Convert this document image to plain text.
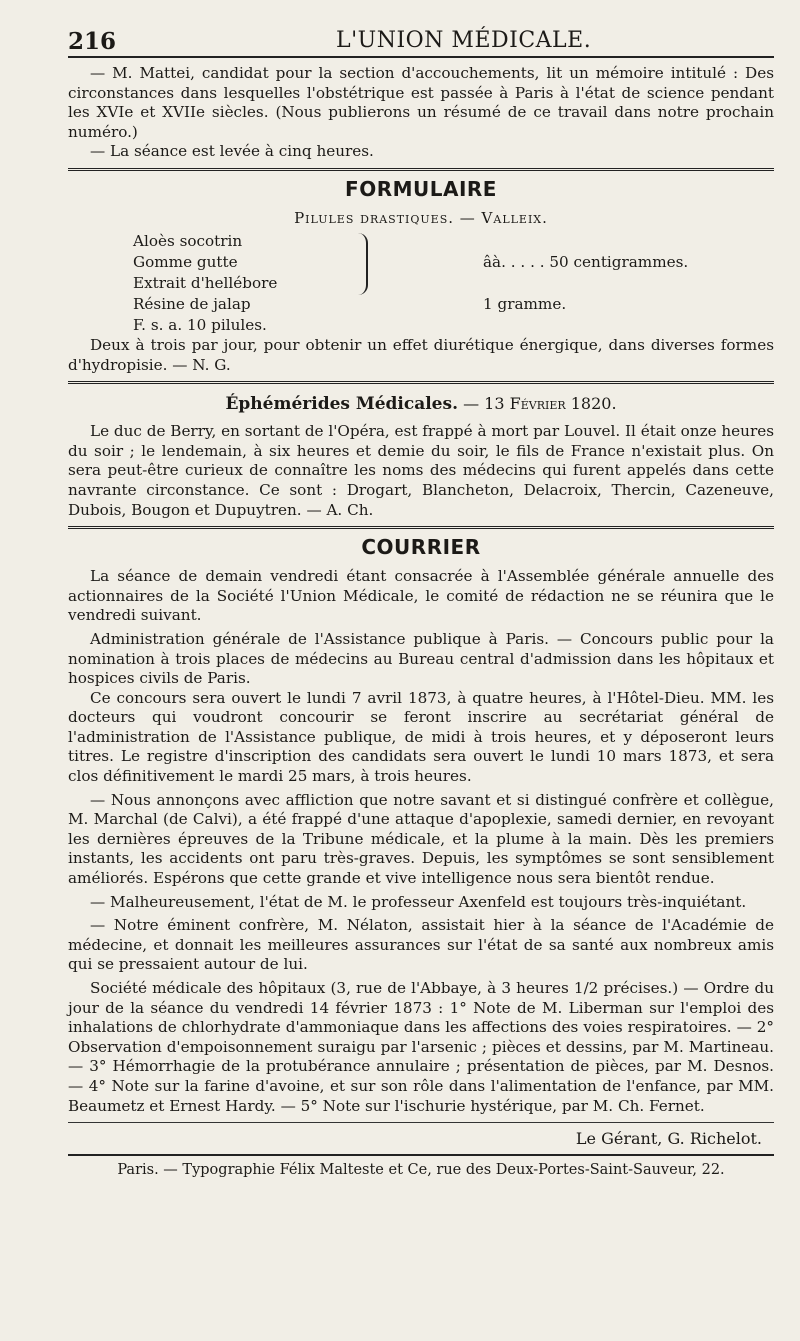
216	L'UNION MÉDICALE.

— M. Mattei, candidat pour la section d'accouchements, lit un mémoire intitulé : Des circonstances dans lesquelles l'obstétrique est passée à Paris à l'état de science pendant les XVIe et XVIIe siècles. (Nous publierons un résumé de ce travail dans notre prochain numéro.)

— La séance est levée à cinq heures.

FORMULAIRE
Pilules drastiques. — Valleix.
Aloès socotrin
Gomme gutte	âà. . . . . 50 centigrammes.
Extrait d'hellébore
Résine de jalap	1 gramme.
F. s. a. 10 pilules.

Deux à trois par jour, pour obtenir un effet diurétique énergique, dans diverses formes d'hydropisie. — N. G.

Éphémérides Médicales. — 13 Février 1820.

Le duc de Berry, en sortant de l'Opéra, est frappé à mort par Louvel. Il était onze heures du soir ; le lendemain, à six heures et demie du soir, le fils de France n'existait plus. On sera peut-être curieux de connaître les noms des médecins qui furent appelés dans cette navrante circonstance. Ce sont : Drogart, Blancheton, Delacroix, Thercin, Cazeneuve, Dubois, Bougon et Dupuytren. — A. Ch.

COURRIER

La séance de demain vendredi étant consacrée à l'Assemblée générale annuelle des actionnaires de la Société l'Union Médicale, le comité de rédaction ne se réunira que le vendredi suivant.

Administration générale de l'Assistance publique à Paris. — Concours public pour la nomination à trois places de médecins au Bureau central d'admission dans les hôpitaux et hospices civils de Paris.

Ce concours sera ouvert le lundi 7 avril 1873, à quatre heures, à l'Hôtel-Dieu. MM. les docteurs qui voudront concourir se feront inscrire au secrétariat général de l'administration de l'Assistance publique, de midi à trois heures, et y déposeront leurs titres. Le registre d'inscription des candidats sera ouvert le lundi 10 mars 1873, et sera clos définitivement le mardi 25 mars, à trois heures.

— Nous annonçons avec affliction que notre savant et si distingué confrère et collègue, M. Marchal (de Calvi), a été frappé d'une attaque d'apoplexie, samedi dernier, en revoyant les dernières épreuves de la Tribune médicale, et la plume à la main. Dès les premiers instants, les accidents ont paru très-graves. Depuis, les symptômes se sont sensiblement améliorés. Espérons que cette grande et vive intelligence nous sera bientôt rendue.

— Malheureusement, l'état de M. le professeur Axenfeld est toujours très-inquiétant.

— Notre éminent confrère, M. Nélaton, assistait hier à la séance de l'Académie de médecine, et donnait les meilleures assurances sur l'état de sa santé aux nombreux amis qui se pressaient autour de lui.

Société médicale des hôpitaux (3, rue de l'Abbaye, à 3 heures 1/2 précises.) — Ordre du jour de la séance du vendredi 14 février 1873 : 1° Note de M. Liberman sur l'emploi des inhalations de chlorhydrate d'ammoniaque dans les affections des voies respiratoires. — 2° Observation d'empoisonnement suraigu par l'arsenic ; pièces et dessins, par M. Martineau. — 3° Hémorrhagie de la protubérance annulaire ; présentation de pièces, par M. Desnos. — 4° Note sur la farine d'avoine, et sur son rôle dans l'alimentation de l'enfance, par MM. Beaumetz et Ernest Hardy. — 5° Note sur l'ischurie hystérique, par M. Ch. Fernet.

Le Gérant, G. Richelot.
Paris. — Typographie Félix Malteste et Ce, rue des Deux-Portes-Saint-Sauveur, 22.
